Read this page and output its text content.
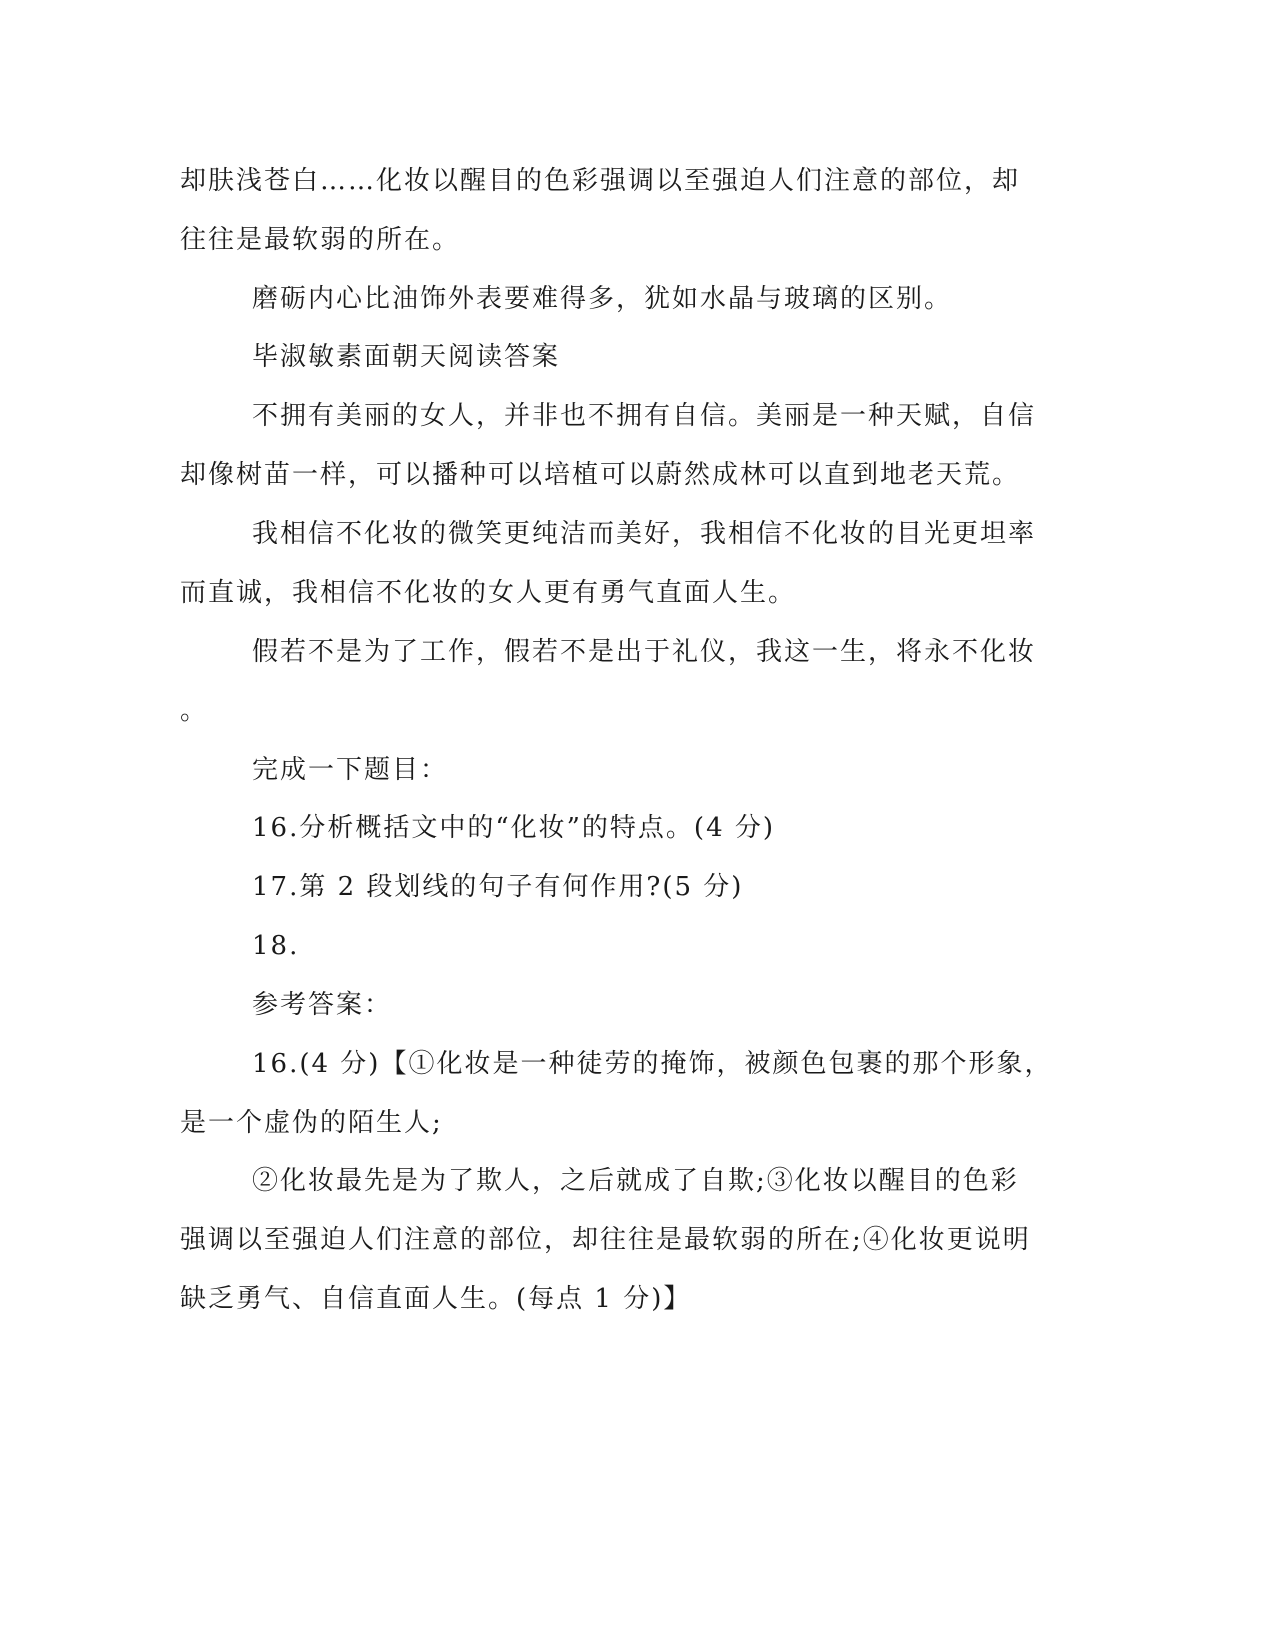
却肤浅苍白……化妆以醒目的色彩强调以至强迫人们注意的部位，却
往往是最软弱的所在。
磨砺内心比油饰外表要难得多，犹如水晶与玻璃的区别。
毕淑敏素面朝天阅读答案
不拥有美丽的女人，并非也不拥有自信。美丽是一种天赋，自信
却像树苗一样，可以播种可以培植可以蔚然成林可以直到地老天荒。
我相信不化妆的微笑更纯洁而美好，我相信不化妆的目光更坦率
而直诚，我相信不化妆的女人更有勇气直面人生。
假若不是为了工作，假若不是出于礼仪，我这一生，将永不化妆
。
完成一下题目：
16.分析概括文中的“化妆”的特点。(4 分)
17.第 2 段划线的句子有何作用?(5 分)
18.
参考答案：
16.(4 分)【①化妆是一种徒劳的掩饰，被颜色包裹的那个形象，
是一个虚伪的陌生人;
②化妆最先是为了欺人，之后就成了自欺;③化妆以醒目的色彩
强调以至强迫人们注意的部位，却往往是最软弱的所在;④化妆更说明
缺乏勇气、自信直面人生。(每点 1 分)】
